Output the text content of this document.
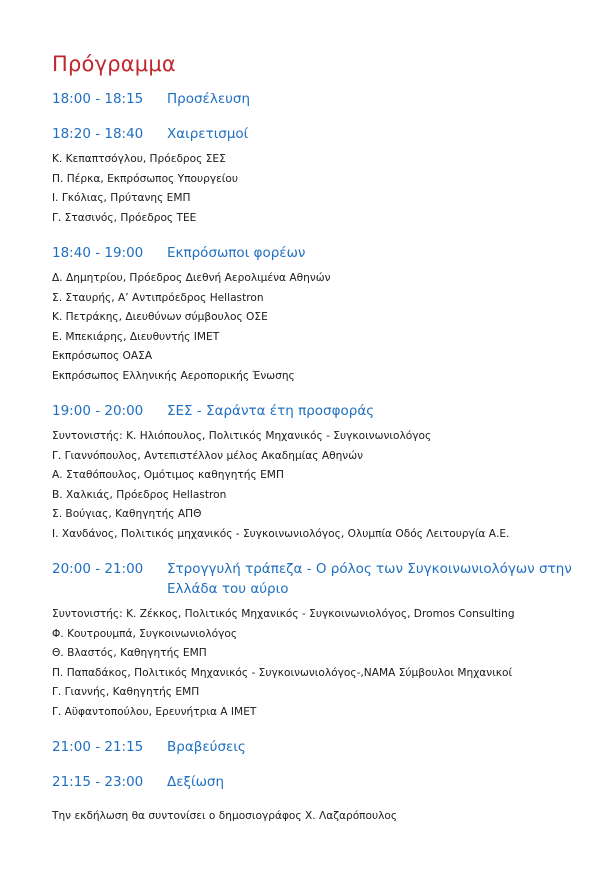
Πρόγραμμα
18:00 - 18:15	Προσέλευση
18:20 - 18:40	Χαιρετισμοί
Κ. Κεπαπτσόγλου, Πρόεδρος ΣΕΣ
Π. Πέρκα, Εκπρόσωπος Υπουργείου
Ι. Γκόλιας, Πρύτανης ΕΜΠ
Γ. Στασινός, Πρόεδρος ΤΕΕ
18:40 - 19:00	Εκπρόσωποι φορέων
Δ. Δημητρίου, Πρόεδρος Διεθνή Αερολιμένα Αθηνών
Σ. Σταυρής, Α’ Αντιπρόεδρος Hellastron
Κ. Πετράκης, Διευθύνων σύμβουλος ΟΣΕ
Ε. Μπεκιάρης, Διευθυντής ΙΜΕΤ
Εκπρόσωπος ΟΑΣΑ
Εκπρόσωπος Ελληνικής Αεροπορικής Ένωσης
19:00 - 20:00	ΣΕΣ - Σαράντα έτη προσφοράς
Συντονιστής: Κ. Ηλιόπουλος, Πολιτικός Μηχανικός - Συγκοινωνιολόγος
Γ. Γιαννόπουλος, Αντεπιστέλλον μέλος Ακαδημίας Αθηνών
Α. Σταθόπουλος, Ομότιμος καθηγητής ΕΜΠ
Β. Χαλκιάς, Πρόεδρος Hellastron
Σ. Βούγιας, Καθηγητής ΑΠΘ
Ι. Χανδάνος, Πολιτικός μηχανικός - Συγκοινωνιολόγος, Ολυμπία Οδός Λειτουργία Α.Ε.
20:00 - 21:00	Στρογγυλή τράπεζα - Ο ρόλος των Συγκοινωνιολόγων στην Ελλάδα του αύριο
Συντονιστής: Κ. Ζέκκος, Πολιτικός Μηχανικός - Συγκοινωνιολόγος, Dromos Consulting
Φ. Κουτρουμπά, Συγκοινωνιολόγος
Θ. Βλαστός, Καθηγητής ΕΜΠ
Π. Παπαδάκος, Πολιτικός Μηχανικός - Συγκοινωνιολόγος-,NAMA Σύμβουλοι Μηχανικοί
Γ. Γιαννής, Καθηγητής ΕΜΠ
Γ. Αϋφαντοπούλου, Ερευνήτρια Α ΙΜΕΤ
21:00 - 21:15	Βραβεύσεις
21:15 - 23:00	Δεξίωση
Την εκδήλωση θα συντονίσει ο δημοσιογράφος Χ. Λαζαρόπουλος
